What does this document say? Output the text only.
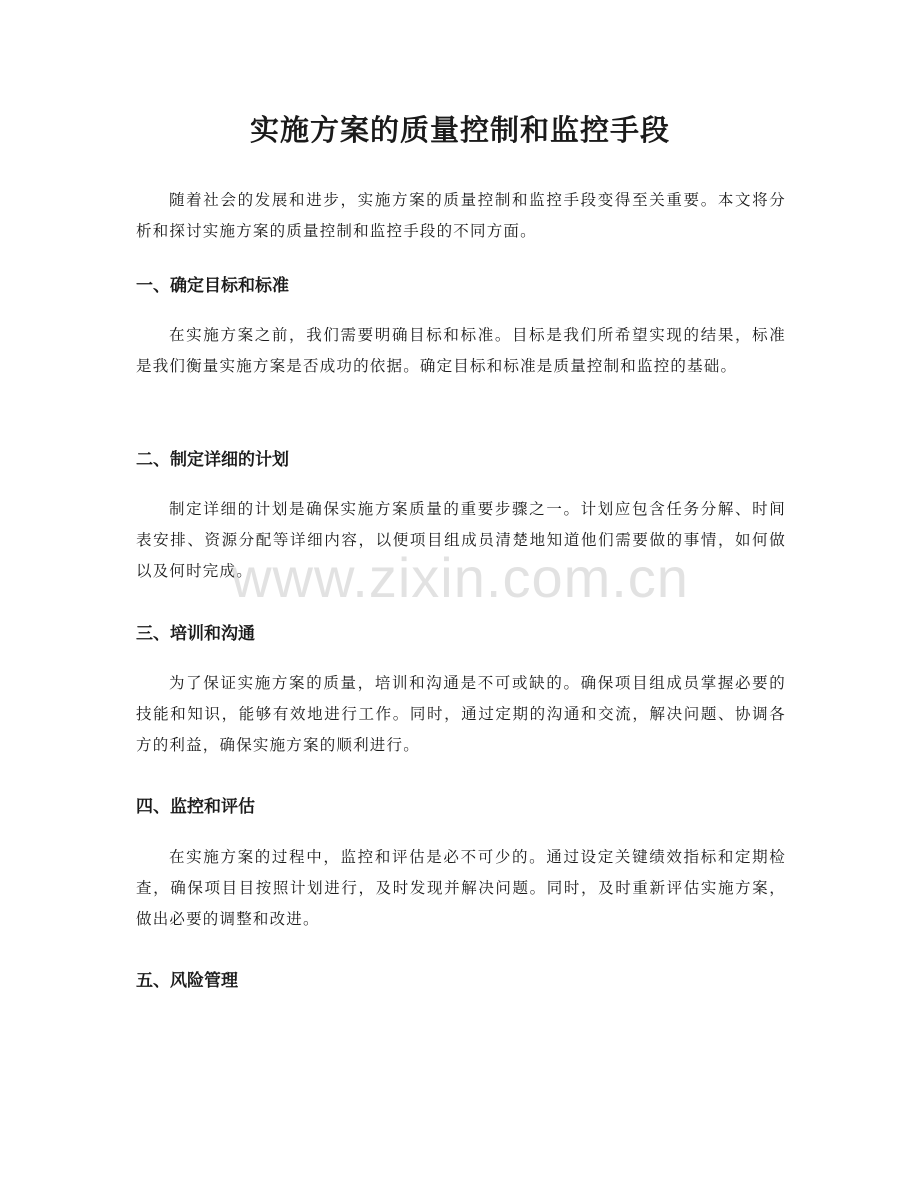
实施方案的质量控制和监控手段

随着社会的发展和进步，实施方案的质量控制和监控手段变得至关重要。本文将分析和探讨实施方案的质量控制和监控手段的不同方面。

一、确定目标和标准

在实施方案之前，我们需要明确目标和标准。目标是我们所希望实现的结果，标准是我们衡量实施方案是否成功的依据。确定目标和标准是质量控制和监控的基础。

二、制定详细的计划

制定详细的计划是确保实施方案质量的重要步骤之一。计划应包含任务分解、时间表安排、资源分配等详细内容，以便项目组成员清楚地知道他们需要做的事情，如何做以及何时完成。

三、培训和沟通

为了保证实施方案的质量，培训和沟通是不可或缺的。确保项目组成员掌握必要的技能和知识，能够有效地进行工作。同时，通过定期的沟通和交流，解决问题、协调各方的利益，确保实施方案的顺利进行。

四、监控和评估

在实施方案的过程中，监控和评估是必不可少的。通过设定关键绩效指标和定期检查，确保项目目按照计划进行，及时发现并解决问题。同时，及时重新评估实施方案，做出必要的调整和改进。

五、风险管理
www.zixin.com.cn
